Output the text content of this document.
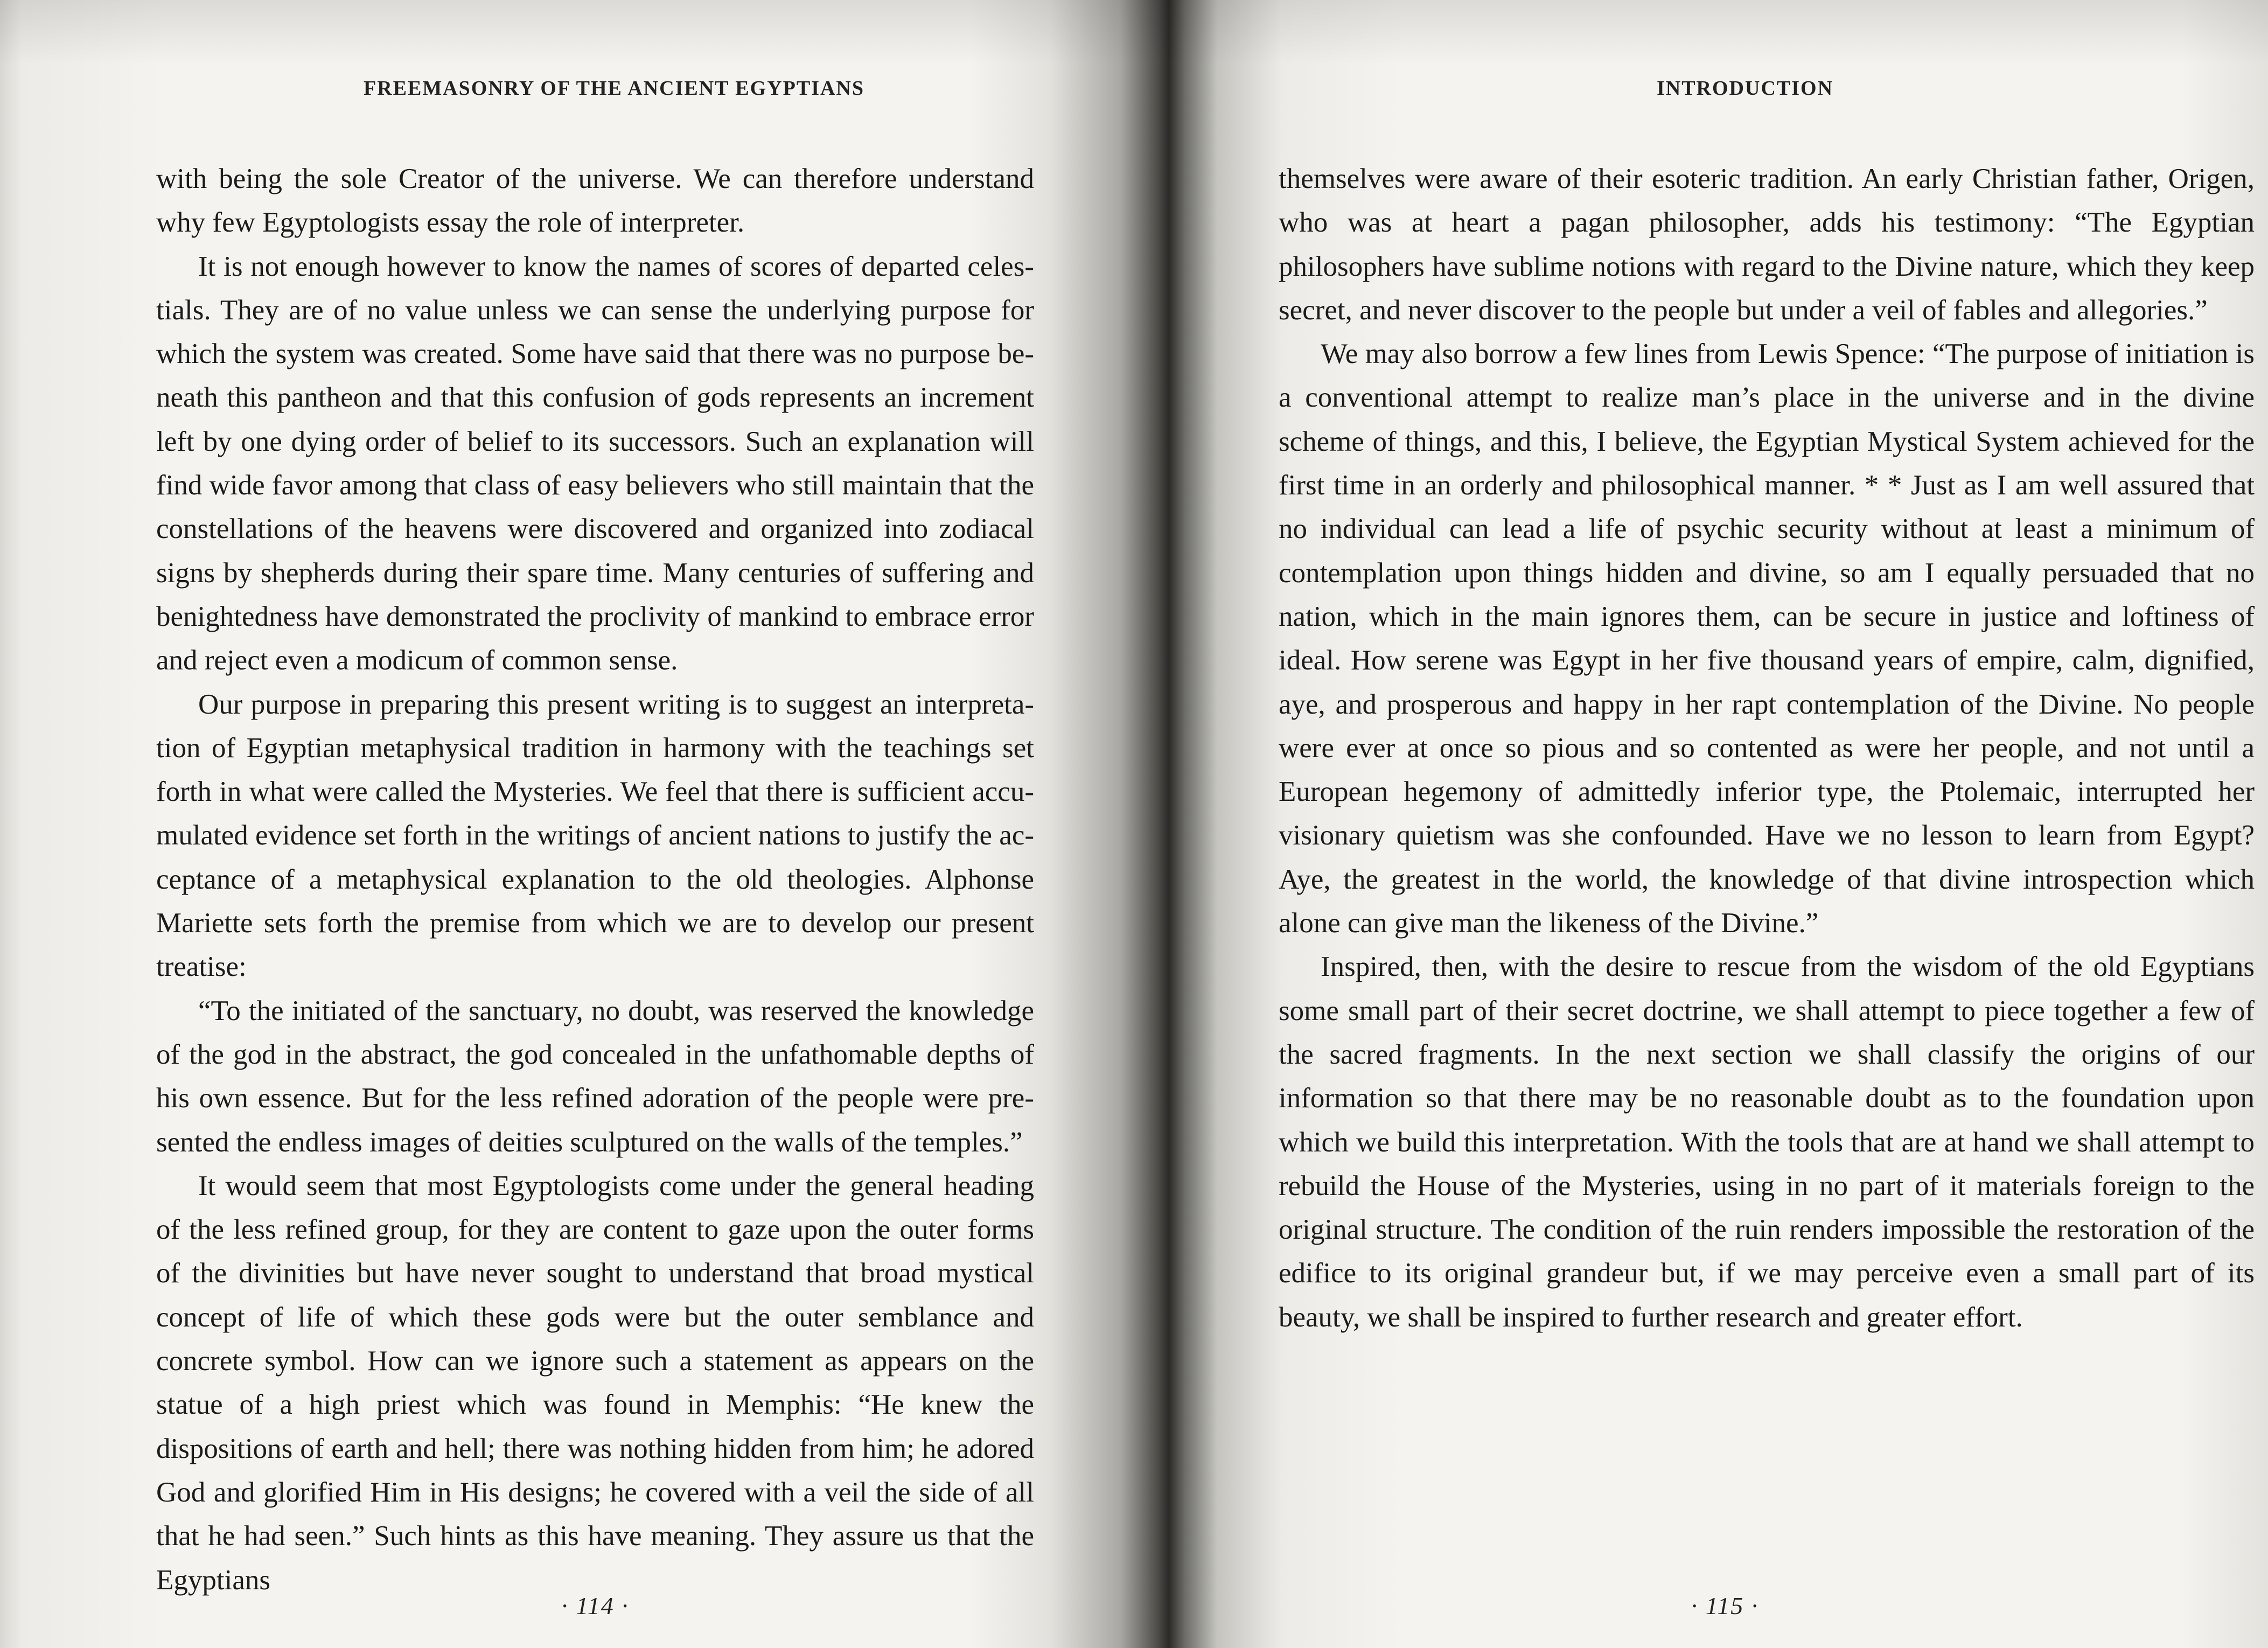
FREEMASONRY OF THE ANCIENT EGYPTIANS

with being the sole Creator of the universe. We can therefore understand why few Egyptologists essay the role of interpreter.

It is not enough however to know the names of scores of departed celestials. They are of no value unless we can sense the underlying purpose for which the system was created. Some have said that there was no purpose beneath this pantheon and that this confusion of gods represents an increment left by one dying order of belief to its successors. Such an explanation will find wide favor among that class of easy believers who still maintain that the constellations of the heavens were discovered and organized into zodiacal signs by shepherds during their spare time. Many centuries of suffering and benightedness have demonstrated the proclivity of mankind to embrace error and reject even a modicum of common sense.

Our purpose in preparing this present writing is to suggest an interpretation of Egyptian metaphysical tradition in harmony with the teachings set forth in what were called the Mysteries. We feel that there is sufficient accumulated evidence set forth in the writings of ancient nations to justify the acceptance of a metaphysical explanation to the old theologies. Alphonse Mariette sets forth the premise from which we are to develop our present treatise:

“To the initiated of the sanctuary, no doubt, was reserved the knowledge of the god in the abstract, the god concealed in the unfathomable depths of his own essence. But for the less refined adoration of the people were presented the endless images of deities sculptured on the walls of the temples.”

It would seem that most Egyptologists come under the general heading of the less refined group, for they are content to gaze upon the outer forms of the divinities but have never sought to understand that broad mystical concept of life of which these gods were but the outer semblance and concrete symbol. How can we ignore such a statement as appears on the statue of a high priest which was found in Memphis: “He knew the dispositions of earth and hell; there was nothing hidden from him; he adored God and glorified Him in His designs; he covered with a veil the side of all that he had seen.” Such hints as this have meaning. They assure us that the Egyptians

· 114 ·
INTRODUCTION

themselves were aware of their esoteric tradition. An early Christian father, Origen, who was at heart a pagan philosopher, adds his testimony: “The Egyptian philosophers have sublime notions with regard to the Divine nature, which they keep secret, and never discover to the people but under a veil of fables and allegories.”

We may also borrow a few lines from Lewis Spence: “The purpose of initiation is a conventional attempt to realize man’s place in the universe and in the divine scheme of things, and this, I believe, the Egyptian Mystical System achieved for the first time in an orderly and philosophical manner. * * Just as I am well assured that no individual can lead a life of psychic security without at least a minimum of contemplation upon things hidden and divine, so am I equally persuaded that no nation, which in the main ignores them, can be secure in justice and loftiness of ideal. How serene was Egypt in her five thousand years of empire, calm, dignified, aye, and prosperous and happy in her rapt contemplation of the Divine. No people were ever at once so pious and so contented as were her people, and not until a European hegemony of admittedly inferior type, the Ptolemaic, interrupted her visionary quietism was she confounded. Have we no lesson to learn from Egypt? Aye, the greatest in the world, the knowledge of that divine introspection which alone can give man the likeness of the Divine.”

Inspired, then, with the desire to rescue from the wisdom of the old Egyptians some small part of their secret doctrine, we shall attempt to piece together a few of the sacred fragments. In the next section we shall classify the origins of our information so that there may be no reasonable doubt as to the foundation upon which we build this interpretation. With the tools that are at hand we shall attempt to rebuild the House of the Mysteries, using in no part of it materials foreign to the original structure. The condition of the ruin renders impossible the restoration of the edifice to its original grandeur but, if we may perceive even a small part of its beauty, we shall be inspired to further research and greater effort.

· 115 ·
